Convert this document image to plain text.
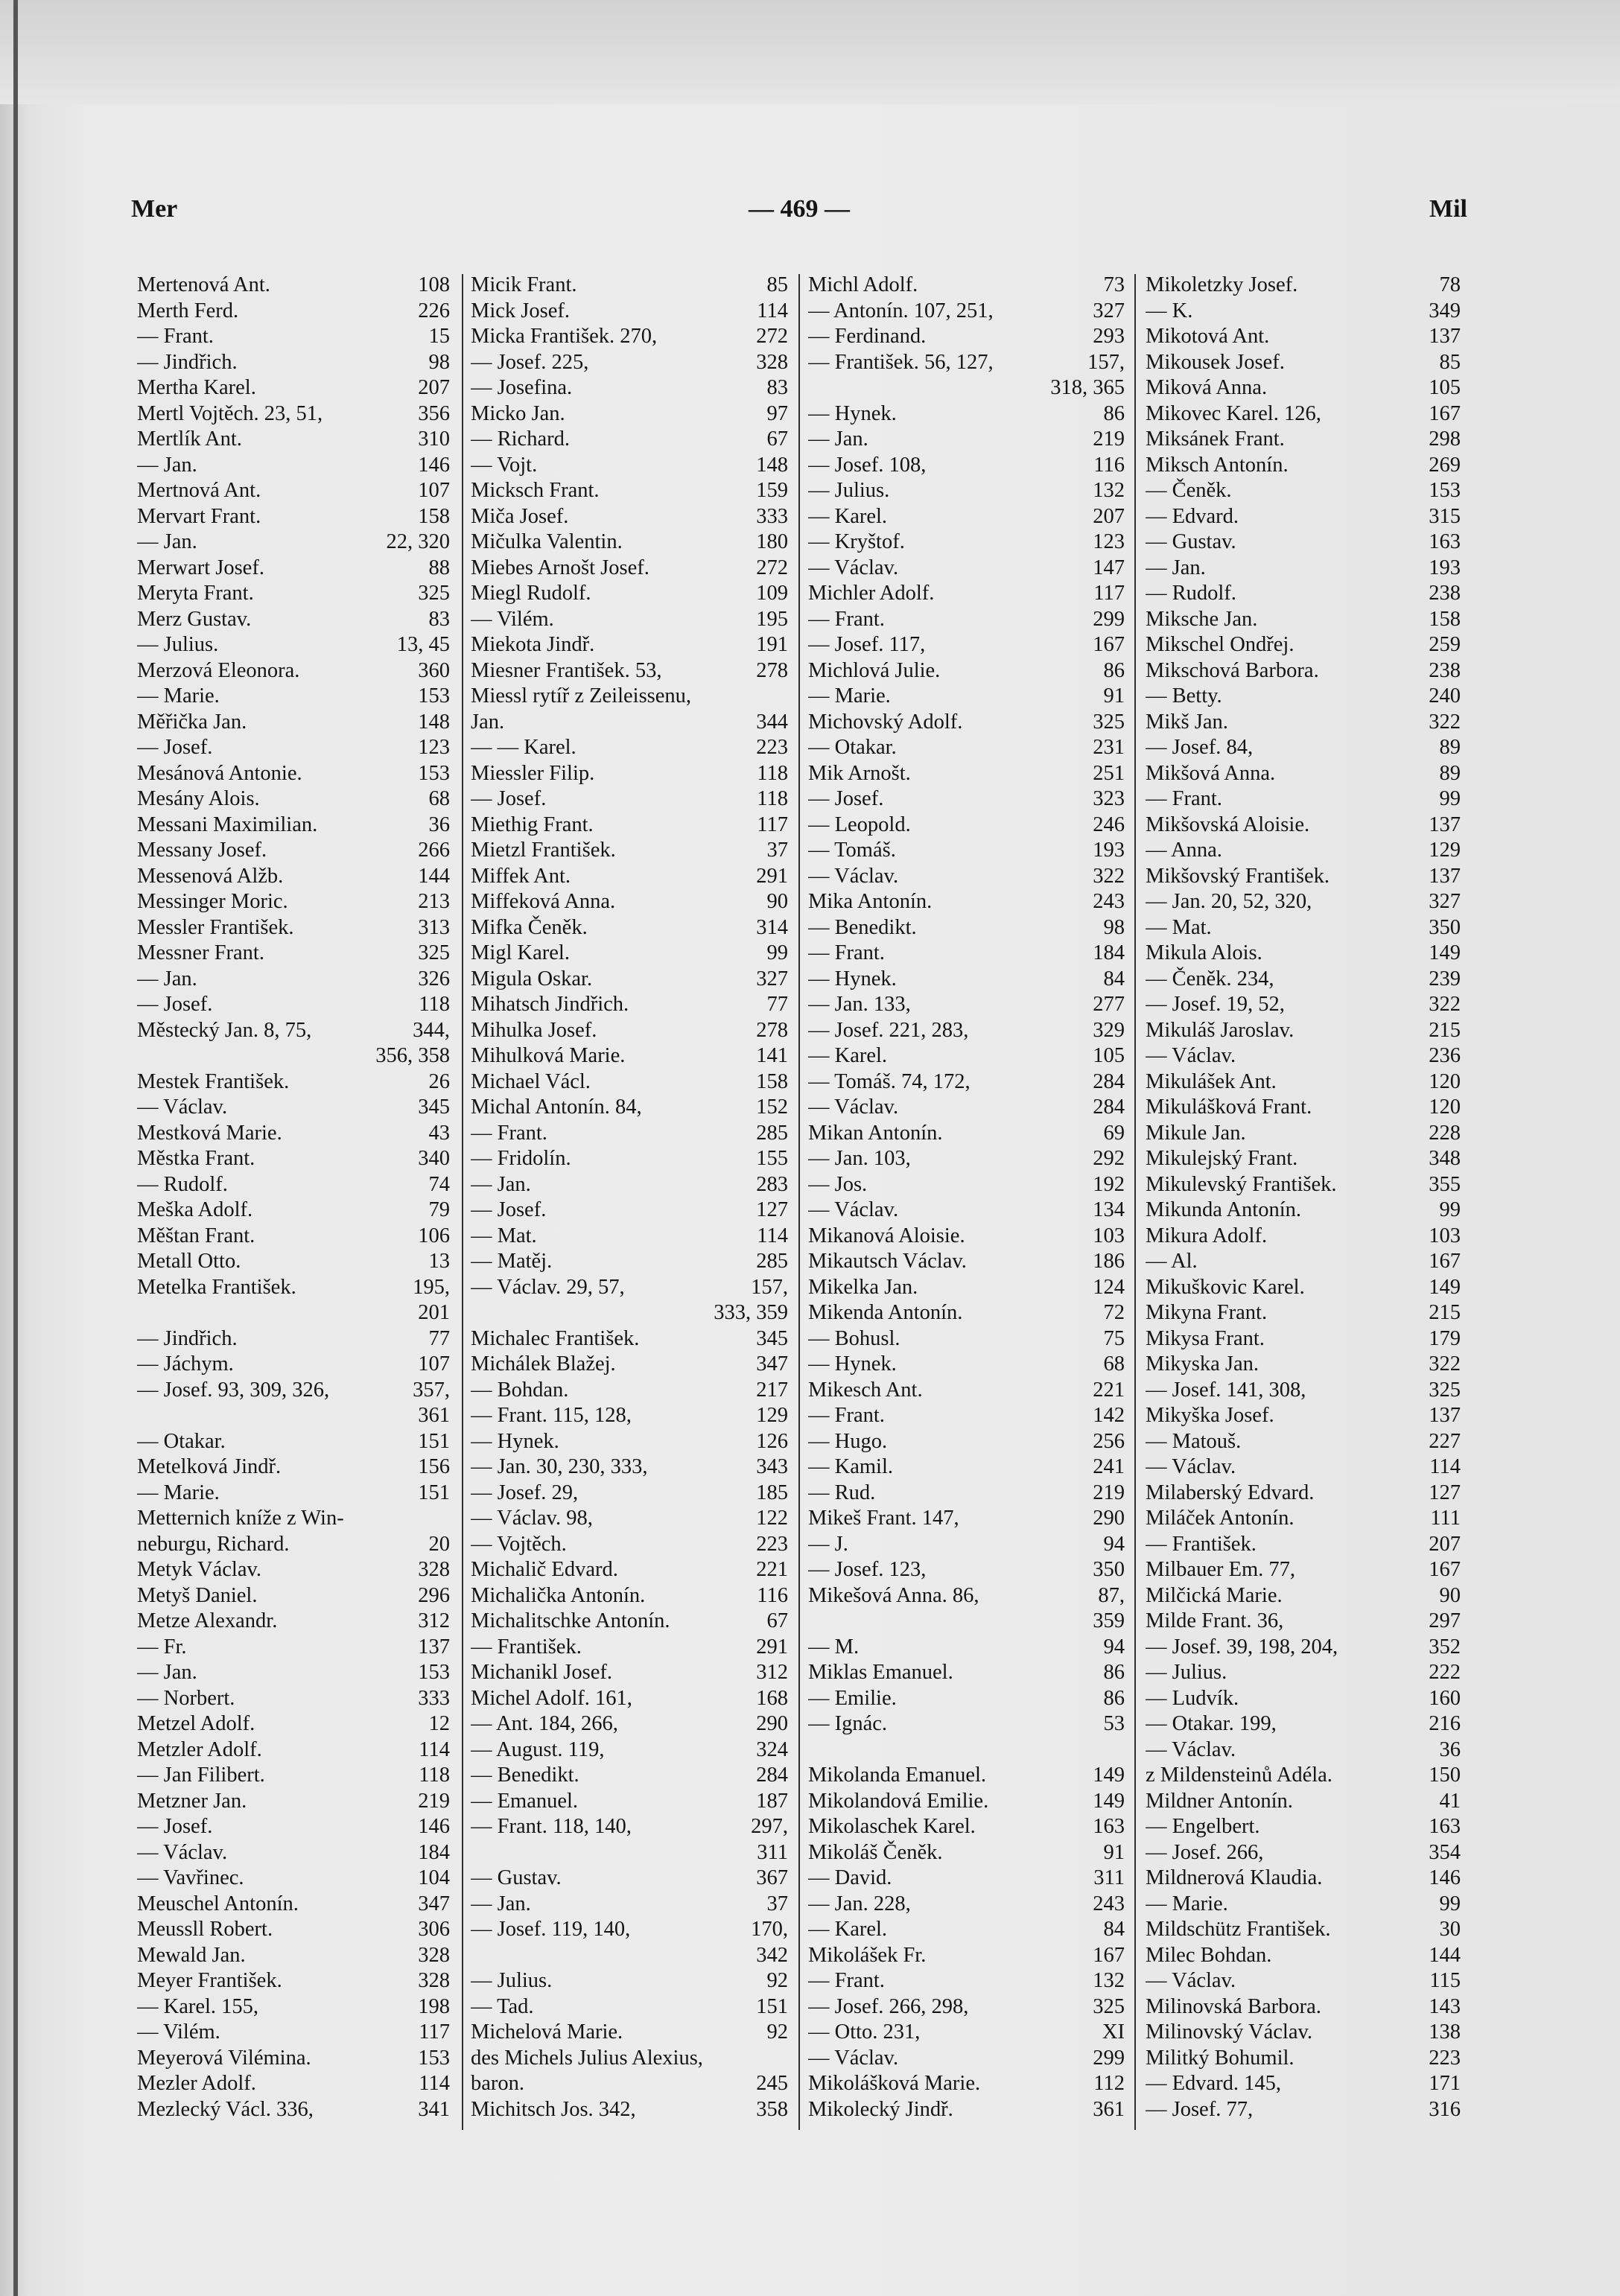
Mer	— 469 —	Mil
Mertenová Ant.	108
Merth Ferd.	226
— Frant.	15
— Jindřich.	98
Mertha Karel.	207
Mertl Vojtěch. 23, 51,	356
Mertlík Ant.	310
— Jan.	146
Mertnová Ant.	107
Mervart Frant.	158
— Jan.	22, 320
Merwart Josef.	88
Meryta Frant.	325
Merz Gustav.	83
— Julius.	13, 45
Merzová Eleonora.	360
— Marie.	153
Měřička Jan.	148
— Josef.	123
Mesánová Antonie.	153
Mesány Alois.	68
Messani Maximilian.	36
Messany Josef.	266
Messenová Alžb.	144
Messinger Moric.	213
Messler František.	313
Messner Frant.	325
— Jan.	326
— Josef.	118
Městecký Jan. 8, 75,	344,
356, 358
Mestek František.	26
— Václav.	345
Mestková Marie.	43
Městka Frant.	340
— Rudolf.	74
Meška Adolf.	79
Měštan Frant.	106
Metall Otto.	13
Metelka František.	195,
201
— Jindřich.	77
— Jáchym.	107
— Josef. 93, 309, 326,	357,
361
— Otakar.	151
Metelková Jindř.	156
— Marie.	151
Metternich kníže z Win-
neburgu, Richard.	20
Metyk Václav.	328
Metyš Daniel.	296
Metze Alexandr.	312
— Fr.	137
— Jan.	153
— Norbert.	333
Metzel Adolf.	12
Metzler Adolf.	114
— Jan Filibert.	118
Metzner Jan.	219
— Josef.	146
— Václav.	184
— Vavřinec.	104
Meuschel Antonín.	347
Meussll Robert.	306
Mewald Jan.	328
Meyer František.	328
— Karel. 155,	198
— Vilém.	117
Meyerová Vilémina.	153
Mezler Adolf.	114
Mezlecký Václ. 336,	341
Micik Frant.	85
Mick Josef.	114
Micka František. 270,	272
— Josef. 225,	328
— Josefina.	83
Micko Jan.	97
— Richard.	67
— Vojt.	148
Micksch Frant.	159
Miča Josef.	333
Mičulka Valentin.	180
Miebes Arnošt Josef.	272
Miegl Rudolf.	109
— Vilém.	195
Miekota Jindř.	191
Miesner František. 53,	278
Miessl rytíř z Zeileissenu,
Jan.	344
— — Karel.	223
Miessler Filip.	118
— Josef.	118
Miethig Frant.	117
Mietzl František.	37
Miffek Ant.	291
Miffeková Anna.	90
Mifka Čeněk.	314
Migl Karel.	99
Migula Oskar.	327
Mihatsch Jindřich.	77
Mihulka Josef.	278
Mihulková Marie.	141
Michael Václ.	158
Michal Antonín. 84,	152
— Frant.	285
— Fridolín.	155
— Jan.	283
— Josef.	127
— Mat.	114
— Matěj.	285
— Václav. 29, 57,	157,
333, 359
Michalec František.	345
Michálek Blažej.	347
— Bohdan.	217
— Frant. 115, 128,	129
— Hynek.	126
— Jan. 30, 230, 333,	343
— Josef. 29,	185
— Václav. 98,	122
— Vojtěch.	223
Michalič Edvard.	221
Michalička Antonín.	116
Michalitschke Antonín.	67
— František.	291
Michanikl Josef.	312
Michel Adolf. 161,	168
— Ant. 184, 266,	290
— August. 119,	324
— Benedikt.	284
— Emanuel.	187
— Frant. 118, 140,	297,
311
— Gustav.	367
— Jan.	37
— Josef. 119, 140,	170,
342
— Julius.	92
— Tad.	151
Michelová Marie.	92
des Michels Julius Alexius,
baron.	245
Michitsch Jos. 342,	358
Michl Adolf.	73
— Antonín. 107, 251,	327
— Ferdinand.	293
— František. 56, 127,	157,
318, 365
— Hynek.	86
— Jan.	219
— Josef. 108,	116
— Julius.	132
— Karel.	207
— Kryštof.	123
— Václav.	147
Michler Adolf.	117
— Frant.	299
— Josef. 117,	167
Michlová Julie.	86
— Marie.	91
Michovský Adolf.	325
— Otakar.	231
Mik Arnošt.	251
— Josef.	323
— Leopold.	246
— Tomáš.	193
— Václav.	322
Mika Antonín.	243
— Benedikt.	98
— Frant.	184
— Hynek.	84
— Jan. 133,	277
— Josef. 221, 283,	329
— Karel.	105
— Tomáš. 74, 172,	284
— Václav.	284
Mikan Antonín.	69
— Jan. 103,	292
— Jos.	192
— Václav.	134
Mikanová Aloisie.	103
Mikautsch Václav.	186
Mikelka Jan.	124
Mikenda Antonín.	72
— Bohusl.	75
— Hynek.	68
Mikesch Ant.	221
— Frant.	142
— Hugo.	256
— Kamil.	241
— Rud.	219
Mikeš Frant. 147,	290
— J.	94
— Josef. 123,	350
Mikešová Anna. 86,	87,
359
— M.	94
Miklas Emanuel.	86
— Emilie.	86
— Ignác.	53
Mikolanda Emanuel.	149
Mikolandová Emilie.	149
Mikolaschek Karel.	163
Mikoláš Čeněk.	91
— David.	311
— Jan. 228,	243
— Karel.	84
Mikolášek Fr.	167
— Frant.	132
— Josef. 266, 298,	325
— Otto. 231,	XI
— Václav.	299
Mikolášková Marie.	112
Mikolecký Jindř.	361
Mikoletzky Josef.	78
— K.	349
Mikotová Ant.	137
Mikousek Josef.	85
Miková Anna.	105
Mikovec Karel. 126,	167
Miksánek Frant.	298
Miksch Antonín.	269
— Čeněk.	153
— Edvard.	315
— Gustav.	163
— Jan.	193
— Rudolf.	238
Miksche Jan.	158
Mikschel Ondřej.	259
Mikschová Barbora.	238
— Betty.	240
Mikš Jan.	322
— Josef. 84,	89
Mikšová Anna.	89
— Frant.	99
Mikšovská Aloisie.	137
— Anna.	129
Mikšovský František.	137
— Jan. 20, 52, 320,	327
— Mat.	350
Mikula Alois.	149
— Čeněk. 234,	239
— Josef. 19, 52,	322
Mikuláš Jaroslav.	215
— Václav.	236
Mikulášek Ant.	120
Mikulášková Frant.	120
Mikule Jan.	228
Mikulejský Frant.	348
Mikulevský František.	355
Mikunda Antonín.	99
Mikura Adolf.	103
— Al.	167
Mikuškovic Karel.	149
Mikyna Frant.	215
Mikysa Frant.	179
Mikyska Jan.	322
— Josef. 141, 308,	325
Mikyška Josef.	137
— Matouš.	227
— Václav.	114
Milaberský Edvard.	127
Miláček Antonín.	111
— František.	207
Milbauer Em. 77,	167
Milčická Marie.	90
Milde Frant. 36,	297
— Josef. 39, 198, 204,	352
— Julius.	222
— Ludvík.	160
— Otakar. 199,	216
— Václav.	36
z Mildensteinů Adéla.	150
Mildner Antonín.	41
— Engelbert.	163
— Josef. 266,	354
Mildnerová Klaudia.	146
— Marie.	99
Mildschütz František.	30
Milec Bohdan.	144
— Václav.	115
Milinovská Barbora.	143
Milinovský Václav.	138
Militký Bohumil.	223
— Edvard. 145,	171
— Josef. 77,	316
